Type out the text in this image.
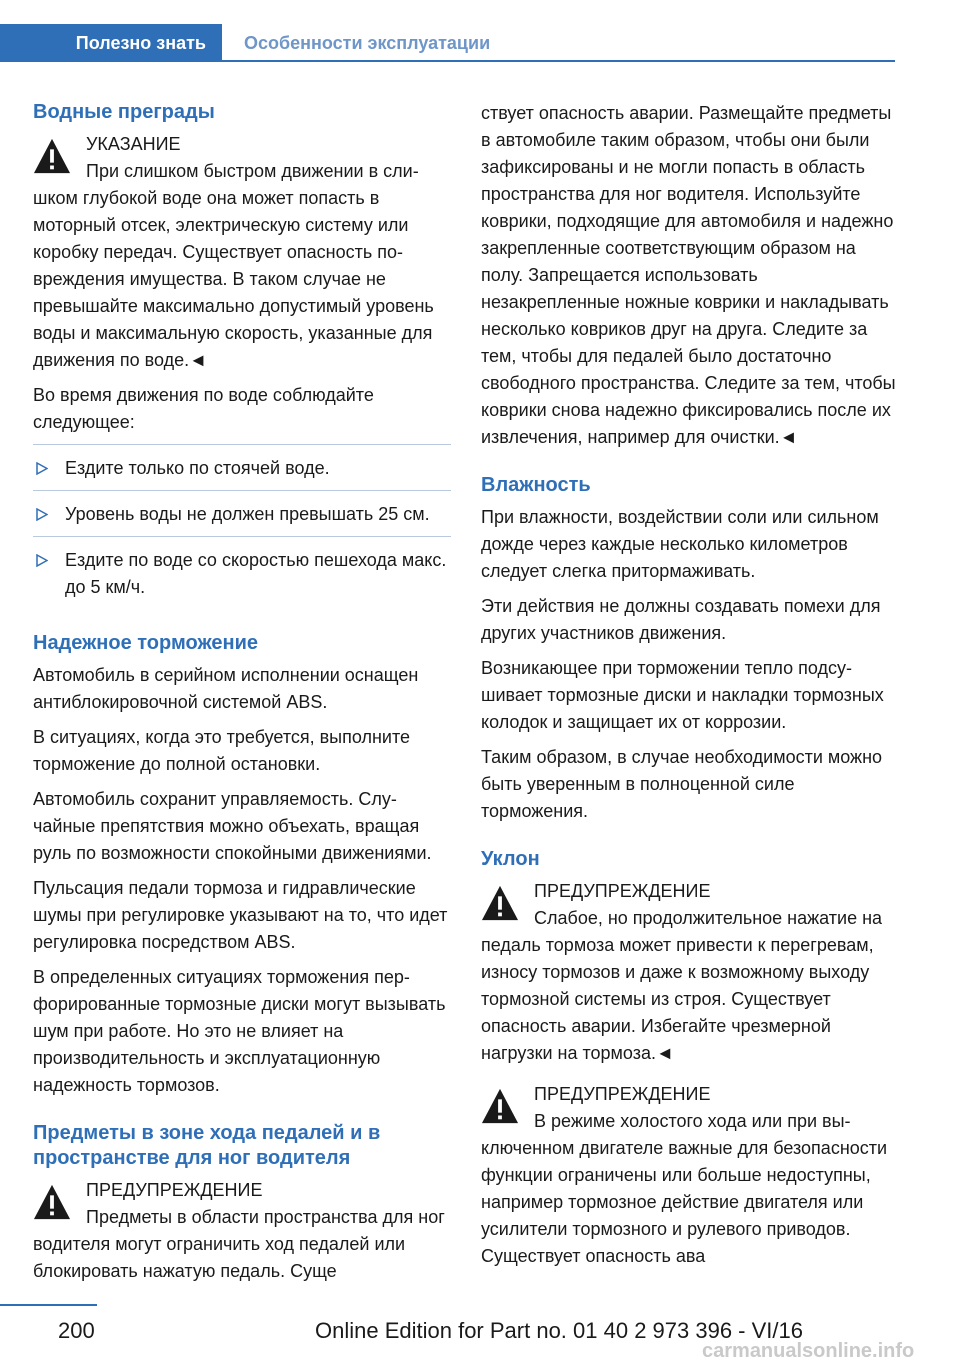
Полезно знать	Особенности эксплуатации
Водные преграды
УКАЗАНИЕ
При слишком быстром движении в слишком глубокой воде она может попасть в моторный отсек, электрическую систему или коробку передач. Существует опасность повреждения имущества. В таком случае не превышайте максимально допустимый уровень воды и максимальную скорость, указанные для движения по воде.◄

Во время движения по воде соблюдайте следующее:

Ездите только по стоячей воде.
Уровень воды не должен превышать 25 см.
Ездите по воде со скоростью пешехода макс. до 5 км/ч.
Надежное торможение

Автомобиль в серийном исполнении оснащен антиблокировочной системой ABS.

В ситуациях, когда это требуется, выполните торможение до полной остановки.

Автомобиль сохранит управляемость. Случайные препятствия можно объехать, вращая руль по возможности спокойными движениями.

Пульсация педали тормоза и гидравлические шумы при регулировке указывают на то, что идет регулировка посредством ABS.

В определенных ситуациях торможения перфорированные тормозные диски могут вызывать шум при работе. Но это не влияет на производительность и эксплуатационную надежность тормозов.

Предметы в зоне хода педалей и в пространстве для ног водителя
ПРЕДУПРЕЖДЕНИЕ
Предметы в области пространства для ног водителя могут ограничить ход педалей или блокировать нажатую педаль. Суще

ствует опасность аварии. Размещайте предметы в автомобиле таким образом, чтобы они были зафиксированы и не могли попасть в область пространства для ног водителя. Используйте коврики, подходящие для автомобиля и надежно закрепленные соответствующим образом на полу. Запрещается использовать незакрепленные ножные коврики и накладывать несколько ковриков друг на друга. Следите за тем, чтобы для педалей было достаточно свободного пространства. Следите за тем, чтобы коврики снова надежно фиксировались после их извлечения, например для очистки.◄

Влажность

При влажности, воздействии соли или сильном дожде через каждые несколько километров следует слегка притормаживать.

Эти действия не должны создавать помехи для других участников движения.

Возникающее при торможении тепло подсушивает тормозные диски и накладки тормозных колодок и защищает их от коррозии.

Таким образом, в случае необходимости можно быть уверенным в полноценной силе торможения.

Уклон
ПРЕДУПРЕЖДЕНИЕ
Слабое, но продолжительное нажатие на педаль тормоза может привести к перегревам, износу тормозов и даже к возможному выходу тормозной системы из строя. Существует опасность аварии. Избегайте чрезмерной нагрузки на тормоза.◄
ПРЕДУПРЕЖДЕНИЕ
В режиме холостого хода или при выключенном двигателе важные для безопасности функции ограничены или больше недоступны, например тормозное действие двигателя или усилители тормозного и рулевого приводов. Существует опасность ава
200	Online Edition for Part no. 01 40 2 973 396 - VI/16
carmanualsonline.info
